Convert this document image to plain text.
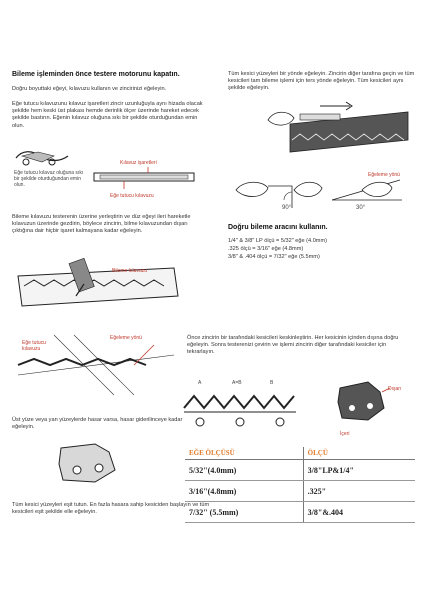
Bileme işleminden önce testere motorunu kapatın.
Doğru boyuttaki eğeyi, kılavuzu kullanın ve zincirinizi eğeleyin.
Eğe tutucu kılavuzunu kılavuz işaretleri zincir uzunluğuyla aynı hizada olacak şekilde hem keski üst plakası hemde derinlik ölçer üzerinde hareket edecek şekilde bastırın. Eğenin kılavuz oluğuna sıkı bir şekilde oturduğundan emin olun.
Eğe tutucu kılavuz oluğuna sıkı bir şekilde oturduğundan emin olun.
Kılavuz işaretleri
Eğe tutucu kılavuzu
Bileme kılavuzu testerenin üzerine yerleştirin ve düz eğeyi ileri hareketle kılavuzun üzerinde gezdirin, böylece zincirin, bilme kılavuzundan dışarı çıktığına dair hiçbir işaret kalmayana kadar eğeleyin.
Bileme kılavuzu
Eğe tutucu kılavuzu
Eğeleme yönü
Üst yüze veya yan yüzeylerde hasar varsa, hasar giderilinceye kadar eğeleyin.
Tüm kesici yüzeyleri eşit tutun. En fazla hasara sahip kesiciden başlayın ve tüm kesicileri eşit şekilde elle eğeleyin.
Tüm kesici yüzeyleri bir yönde eğeleyin. Zincirin diğer tarafına geçin ve tüm kesicileri tam bileme işlemi için ters yönde eğeleyin. Tüm kesicileri aynı şekilde eğeleyin.
Eğeleme yönü
90°	30°
Doğru bileme aracını kullanın.
1/4" & 3/8" LP ölçü = 5/32" eğe (4.0mm)
.325 ölçü = 3/16" eğe (4.8mm)
3/8" & .404 ölçü = 7/32" eğe (5.5mm)
Önce zincirin bir tarafındaki kesicileri keskinleştirin. Her kesicinin içinden dışına doğru eğeleyin. Sonra testerenizi çevirin ve işlemi zincirin diğer tarafındaki kesiciler için tekrarlayın.
A	A=B	B
Dışarı
İçeri
EĞE ÖLÇÜSÜ	ÖLÇÜ
5/32"(4.0mm)	3/8"LP&1/4"
3/16"(4.8mm)	.325"
7/32" (5.5mm)	3/8"&.404
